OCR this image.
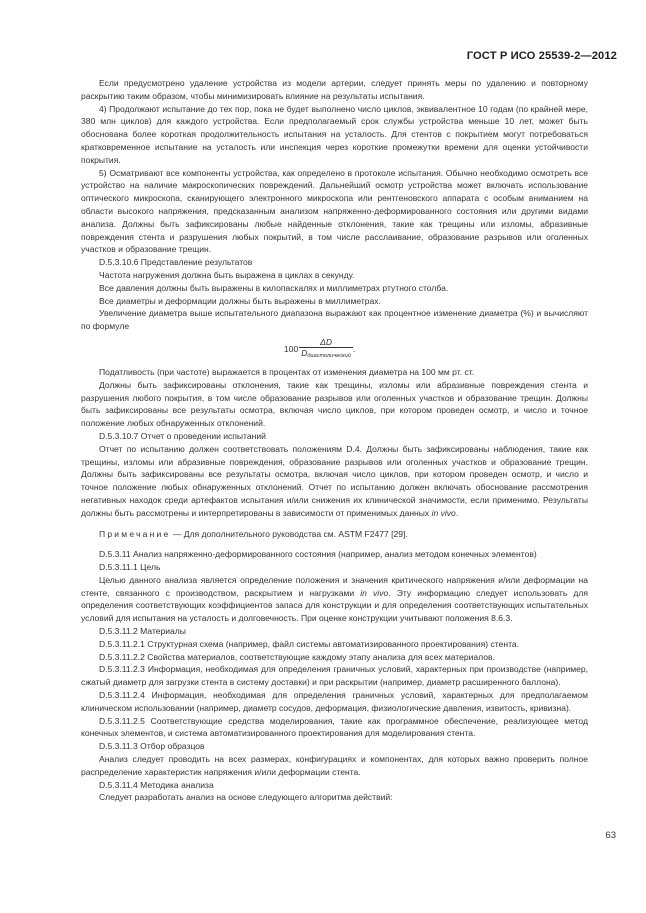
ГОСТ Р ИСО 25539-2—2012

Если предусмотрено удаление устройства из модели артерии, следует принять меры по удалению и повторному раскрытию таким образом, чтобы минимизировать влияние на результаты испытания.

4) Продолжают испытание до тех пор, пока не будет выполнено число циклов, эквивалентное 10 годам (по крайней мере, 380 млн циклов) для каждого устройства. Если предполагаемый срок службы устройства меньше 10 лет, может быть обоснована более короткая продолжительность испытания на усталость. Для стентов с покрытием могут потребоваться кратковременное испытание на усталость или инспекция через короткие промежутки времени для оценки устойчивости покрытия.

5) Осматривают все компоненты устройства, как определено в протоколе испытания. Обычно необходимо осмотреть все устройство на наличие макроскопических повреждений. Дальнейший осмотр устройства может включать использование оптического микроскопа, сканирующего электронного микроскопа или рентгеновского аппарата с особым вниманием на области высокого напряжения, предсказанным анализом напряженно-деформированного состояния или другими видами анализа. Должны быть зафиксированы любые найденные отклонения, такие как трещины или изломы, абразивные повреждения стента и разрушения любых покрытий, в том числе расслаивание, образование разрывов или оголенных участков и образование трещин.

D.5.3.10.6 Представление результатов

Частота нагружения должна быть выражена в циклах в секунду.

Все давления должны быть выражены в килопаскалях и миллиметрах ртутного столба.

Все диаметры и деформации должны быть выражены в миллиметрах.

Увеличение диаметра выше испытательного диапазона выражают как процентное изменение диаметра (%) и вычисляют по формуле

$100 \frac{\Delta D}{D_{диастолический}}$ .

Податливость (при частоте) выражается в процентах от изменения диаметра на 100 мм рт. ст.

Должны быть зафиксированы отклонения, такие как трещины, изломы или абразивные повреждения стента и разрушения любого покрытия, в том числе образование разрывов или оголенных участков и образование трещин. Должны быть зафиксированы все результаты осмотра, включая число циклов, при котором проведен осмотр, и число и точное положение любых обнаруженных отклонений.

D.5.3.10.7 Отчет о проведении испытаний

Отчет по испытанию должен соответствовать положениям D.4. Должны быть зафиксированы наблюдения, такие как трещины, изломы или абразивные повреждения, образование разрывов или оголенных участков и образование трещин. Должны быть зафиксированы все результаты осмотра, включая число циклов, при котором проведен осмотр, и число и точное положение любых обнаруженных отклонений. Отчет по испытанию должен включать обоснование рассмотрения негативных находок среди артефактов испытания и/или снижения их клинической значимости, если применимо. Результаты должны быть рассмотрены и интерпретированы в зависимости от применимых данных in vivo.

Примечание — Для дополнительного руководства см. ASTM F2477 [29].

D.5.3.11 Анализ напряженно-деформированного состояния (например, анализ методом конечных элементов)

D.5.3.11.1 Цель

Целью данного анализа является определение положения и значения критического напряжения и/или деформации на стенте, связанного с производством, раскрытием и нагрузками in vivo. Эту информацию следует использовать для определения соответствующих коэффициентов запаса для конструкции и для определения соответствующих испытательных условий для испытания на усталость и долговечность. При оценке конструкции учитывают положения 8.6.3.

D.5.3.11.2 Материалы

D.5.3.11.2.1 Структурная схема (например, файл системы автоматизированного проектирования) стента.

D.5.3.11.2.2 Свойства материалов, соответствующие каждому этапу анализа для всех материалов.

D.5.3.11.2.3 Информация, необходимая для определения граничных условий, характерных при производстве (например, сжатый диаметр для загрузки стента в систему доставки) и при раскрытии (например, диаметр расширенного баллона).

D.5.3.11.2.4 Информация, необходимая для определения граничных условий, характерных для предполагаемом клиническом использовании (например, диаметр сосудов, деформация, физиологические давления, извитость, кривизна).

D.5.3.11.2.5 Соответствующие средства моделирования, такие как программное обеспечение, реализующее метод конечных элементов, и система автоматизированного проектирования для моделирования стента.

D.5.3.11.3 Отбор образцов

Анализ следует проводить на всех размерах, конфигурациях и компонентах, для которых важно проверить полное распределение характеристик напряжения и/или деформации стента.

D.5.3.11.4 Методика анализа

Следует разработать анализ на основе следующего алгоритма действий:

63
